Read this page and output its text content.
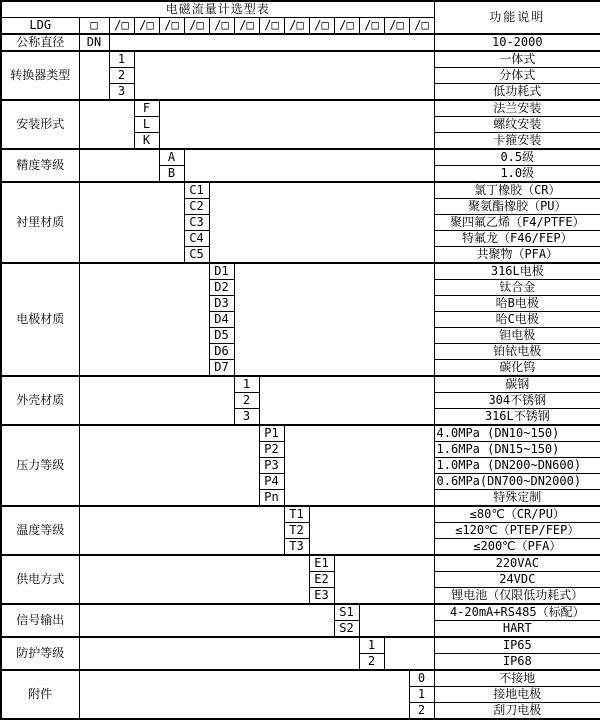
电磁流量计选型表															功能说明
LDG	□	/□	/□	/□	/□	/□	/□	/□	/□	/□	/□	/□	/□	/□	
公称直径	DN														10-2000
转换器类型		1													一体式
		2													分体式
		3													低功耗式
安装形式			F												法兰安装
			L												螺纹安装
			K												卡箍安装
精度等级				A											0.5级
				B											1.0级
衬里材质					C1										氯丁橡胶（CR）
					C2										聚氨酯橡胶（PU）
					C3										聚四氟乙烯（F4/PTFE）
					C4										特氟龙（F46/FEP）
					C5										共聚物（PFA）
电极材质						D1									316L电极
						D2									钛合金
						D3									哈B电极
						D4									哈C电极
						D5									钽电极
						D6									铂铱电极
						D7									碳化钨
外壳材质							1								碳钢
							2								304不锈钢
							3								316L不锈钢
压力等级								P1							4.0MPa (DN10~150)
								P2							1.6MPa (DN15~150)
								P3							1.0MPa (DN200~DN600)
								P4							0.6MPa(DN700~DN2000)
								Pn							特殊定制
温度等级									T1						≤80℃（CR/PU）
									T2						≤120℃（PTEP/FEP）
									T3						≤200℃（PFA）
供电方式										E1					220VAC
										E2					24VDC
										E3					锂电池（仅限低功耗式）
信号输出											S1				4-20mA+RS485（标配）
											S2				HART
防护等级												1			IP65
												2			IP68
附件														0	不接地
														1	接地电极
														2	刮刀电极
